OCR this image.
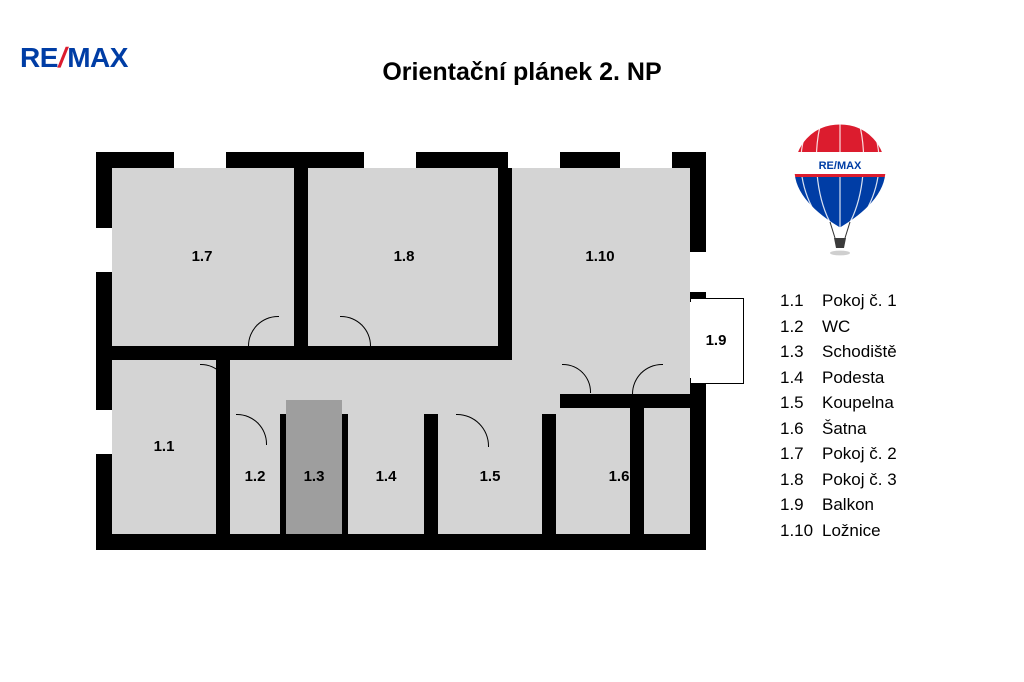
RE/MAX	Orientační plánek 2. NP
RE/MAX
1.1	Pokoj č. 1
1.2	WC
1.3	Schodiště
1.4	Podesta
1.5	Koupelna
1.6	Šatna
1.7	Pokoj č. 2
1.8	Pokoj č. 3
1.9	Balkon
1.10 Ložnice
1.7	1.8	1.10
1.9
1.1
1.2	1.3	1.4	1.5	1.6
